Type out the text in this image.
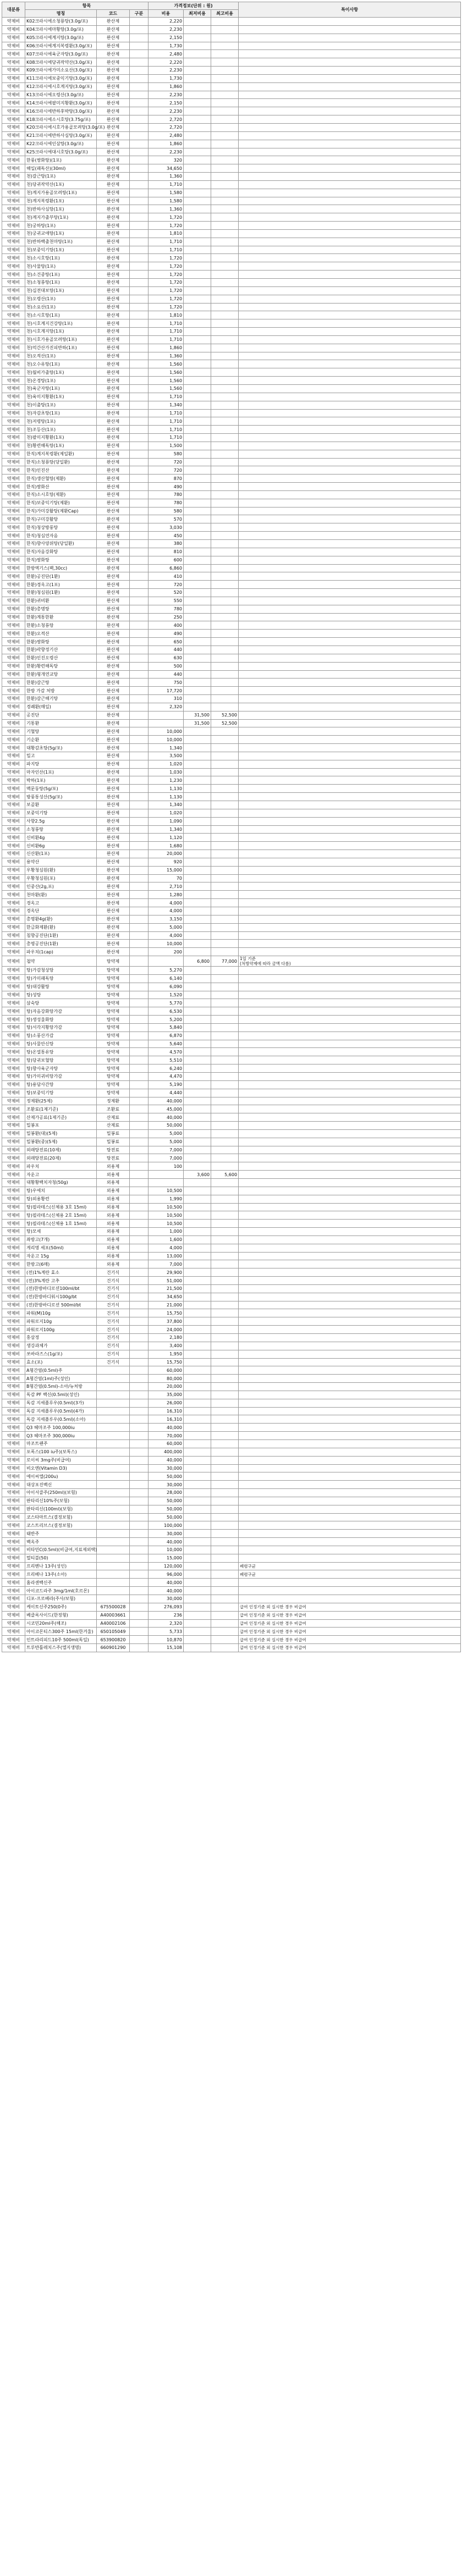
대분류	항목			가격정보(단위 : 원)			특이사항
	명칭	코드	구분	비용	최저비용	최고비용	
약제비	K02크라시에소청룡탕(3.0g/포)	완산제		2,220			
약제비	K04크라시에마황탕(3.0g/포)	완산제		2,230			
약제비	K05크라시에계지탕(3.0g/포)	완산제		2,150			
약제비	K06크라시에계지복령환(3.0g/포)	완산제		1,730			
약제비	K07크라시에육군자탕(3.0g/포)	완산제		2,480			
약제비	K08크라시에당귀작약산(3.0g/포)	완산제		2,220			
약제비	K09크라시에가미소요산(3.0g/포)	완산제		2,230			
약제비	K11크라시에보중익기탕(3.0g/포)	완산제		1,730			
약제비	K12크라시에시호계지탕(3.0g/포)	완산제		1,860			
약제비	K13크라시에오령산(3.0g/포)	완산제		2,230			
약제비	K14크라시에팔미지황환(3.0g/포)	완산제		2,150			
약제비	K16크라시에반하후박탕(3.0g/포)	완산제		2,230			
약제비	K18크라시에소시호탕(3.75g/포)	완산제		2,720			
약제비	K20크라시에시호가용골모려탕(3.0g/포)	완산제		2,720			
약제비	K21크라시에반하사심탕(3.0g/포)	완산제		2,480			
약제비	K22크라시에인삼탕(3.0g/포)	완산제		1,860			
약제비	K25크라시에대시호탕(3.0g/포)	완산제		2,230			
약제비	한풍(쌍화탕)(1포)	완산제		320			
약제비	해일(패독산)(30ml)	완산제		34,650			
약제비	천)갈근탕(1포)	완산제		1,360			
약제비	천)당귀작약산(1포)	완산제		1,710			
약제비	천)계지가용골모려탕(1포)	완산제		1,580			
약제비	천)계지복령환(1포)	완산제		1,580			
약제비	천)반하사심탕(1포)	완산제		1,360			
약제비	천)계지가출부탕(1포)	완산제		1,720			
약제비	천)궁하탕(1포)	완산제		1,720			
약제비	천)궁귀교애탕(1포)	완산제		1,810			
약제비	천)반하백출천마탕(1포)	완산제		1,710			
약제비	천)보중익기탕(1포)	완산제		1,710			
약제비	천)소시호탕(1포)	완산제		1,720			
약제비	천)사물탕(1포)	완산제		1,720			
약제비	천)소건중탕(1포)	완산제		1,720			
약제비	천)소청룡탕(1포)	완산제		1,720			
약제비	천)십전대보탕(1포)	완산제		1,720			
약제비	천)오령산(1포)	완산제		1,720			
약제비	천)소요산(1포)	완산제		1,720			
약제비	천)소시호탕(1포)	완산제		1,810			
약제비	천)시호계지건강탕(1포)	완산제		1,710			
약제비	천)시호계지탕(1포)	완산제		1,710			
약제비	천)시호가용골모려탕(1포)	완산제		1,710			
약제비	천)억간산가진피반하(1포)	완산제		1,860			
약제비	천)오적산(1포)	완산제		1,360			
약제비	천)오수유탕(1포)	완산제		1,560			
약제비	천)월비가출탕(1포)	완산제		1,560			
약제비	천)온경탕(1포)	완산제		1,560			
약제비	천)육군자탕(1포)	완산제		1,560			
약제비	천)육미지황환(1포)	완산제		1,710			
약제비	천)이출탕(1포)	완산제		1,340			
약제비	천)자감초탕(1포)	완산제		1,710			
약제비	천)저령탕(1포)	완산제		1,710			
약제비	천)조등산(1포)	완산제		1,710			
약제비	천)팔미지황환(1포)	완산제		1,710			
약제비	천)황련해독탕(1포)	완산제		1,500			
약제비	한직)계지복령환(제일환)	완산제		580			
약제비	한직)소청룡탕(당일환)	완산제		720			
약제비	한직)인진산	완산제		720			
약제비	한직)생산혈탕(제환)	완산제		870			
약제비	한직)쌍화산	완산제		490			
약제비	한직)소시호탕(제환)	완산제		780			
약제비	한직)보중익기탕(제환)	완산제		780			
약제비	한직)가미강활탕(제환Cap)	완산제		580			
약제비	한직)구미강활탕	완산제		570			
약제비	한직)청상방풍탕	완산제		3,030			
약제비	한직)청심연자음	완산제		450			
약제비	한직)향사양위탕(당일환)	완산제		380			
약제비	한직)자음강화탕	완산제		810			
약제비	한직)쌍화탕	완산제		600			
약제비	한방엑기스(팩,30cc)	완산제		6,860			
약제비	한환)공진단(1환)	완산제		410			
약제비	한환)경옥고(1포)	완산제		720			
약제비	한환)청심원(1환)	완산제		520			
약제비	한환)귀비환	완산제		550			
약제비	한환)총명탕	완산제		780			
약제비	한환)계통한환	완산제		250			
약제비	한환)소청룡탕	완산제		400			
약제비	한환)오적산	완산제		490			
약제비	한환)쌍화탕	완산제		650			
약제비	한환)곽향정기산	완산제		440			
약제비	한환)인진오령산	완산제		630			
약제비	한환)황련해독탕	완산제		500			
약제비	한환)형개연교탕	완산제		440			
약제비	한환)갈근탕	완산제		750			
약제비	한방 가감 처방	완산제		17,720			
약제비	한환)갈근해기탕	완산제		310			
약제비	경쾌환(매일)	완산제		2,320			
약제비	공진단	완산제			31,500	52,500	
약제비	기통환	완산제			31,500	52,500	
약제비	기혈탕	완산제		10,000			
약제비	기순환	완산제		10,000			
약제비	대황감초탕(5g/포)	완산제		1,340			
약제비	밀고	완산제		3,500			
약제비	파지탕	완산제		1,020			
약제비	마자인산(1포)	완산제		1,030			
약제비	박하(1포)	완산제		1,230			
약제비	맥문동탕(5g/포)	완산제		1,130			
약제비	방풍통성산(5g/포)	완산제		1,130			
약제비	보골환	완산제		1,340			
약제비	보중익기탕	완산제		1,020			
약제비	사향2.5g	완산제		1,090			
약제비	소청룡탕	완산제		1,340			
약제비	신비환4g	완산제		1,120			
약제비	신비환6g	완산제		1,680			
약제비	신산환(1포)	완산제		20,000			
약제비	용약산	완산제		920			
약제비	우황청심원(환)	완산제		15,000			
약제비	우황청심원(포)	완산제		70			
약제비	인중산(2g,포)	완산제		2,710			
약제비	천마환(환)	완산제		1,280			
약제비	경옥고	완산제		4,000			
약제비	경옥단	완산제		4,000			
약제비	총명환4g(환)	완산제		3,150			
약제비	한금화제환(환)	완산제		5,000			
약제비	침향공진단(1환)	완산제		4,000			
약제비	총명공진단(1환)	완산제		10,000			
약제비	파우치(1cap)	완산제		200			
약제비	첩약	탕약제			6,800	77,000	1일 기준
(처방약제에 따라 금액 다름)
약제비	탕)가감청상탕	탕약제		5,270			
약제비	탕)가미패독탕	탕약제		6,140			
약제비	탕)대강활탕	탕약제		6,090			
약제비	탕)성탕	탕약제		1,520			
약제비	삼숙탕	탕약제		5,770			
약제비	탕)자음강화탕가감	탕약제		6,530			
약제비	탕)생성울화탕	탕약제		5,200			
약제비	탕)서각지황탕가감	탕약제		5,840			
약제비	탕)소풍산가감	탕약제		6,870			
약제비	탕)사물안신탕	탕약제		5,640			
약제비	탕)온열통유탕	탕약제		4,570			
약제비	탕)당귀보혈탕	탕약제		5,510			
약제비	탕)향사육군자탕	탕약제		6,240			
약제비	탕)가미귀비탕가감	탕약제		4,470			
약제비	탕)용담사간탕	탕약제		5,190			
약제비	탕)보중익기탕	탕약제		4,440			
약제비	정제환(25제)	정제환		40,000			
약제비	조환료(1제기준)	조환료		45,000			
약제비	산제가공료(1제기준)	산제료		40,000			
약제비	밀봉포	산제료		50,000			
약제비	밀봉환(대)(5제)	밀봉료		5,000			
약제비	밀봉환(중)(5제)	밀봉료		5,000			
약제비	외래탕전료(10제)	탕전료		7,000			
약제비	외래탕전료(20제)	탕전료		7,000			
약제비	파우치	외용제		100			
약제비	자운고	외용제			3,600	5,600	
약제비	대황황백치자청(50g)	외용제					
약제비	탕)우에치	외용제		10,500			
약제비	탕)외용황련	외용제		1,990			
약제비	탕)필라테스(신체용 3호 15ml)	외용제		10,500			
약제비	탕)필라테스(신체용 2호 15ml)	외용제		10,500			
약제비	탕)필라테스(신체용 1호 15ml)	외용제		10,500			
약제비	탕)모세	외용제		1,000			
약제비	좌방고(7개)	외용제		1,600			
약제비	게리명 세포(50ml)	외용제		4,000			
약제비	자운고 15g	외용제		13,000			
약제비	한방고(6매)	외용제		7,000			
약제비	(전)1%계란 효소	건기식		29,900			
약제비	(전)3%계란 고추	건기식		51,000			
약제비	(전)한방바디로션100ml/bt	건기식		21,500			
약제비	(전)한방바디워시100g/bt	건기식		34,650			
약제비	(전)한방바디로션 500ml/bt	건기식		21,000			
약제비	파워(M)10g	건기식		15,750			
약제비	파워로지10g	건기식		37,800			
약제비	파워로지100g	건기식		24,000			
약제비	홍삼정	건기식		2,180			
약제비	생강과체가	건기식		3,400			
약제비	쏘바라즈스(1g/포)	건기식		1,950			
약제비	효소(포)	건기식		15,750			
약제비	A형간염(0.5ml)주			60,000			
약제비	A형간염(1ml)주(성인)			80,000			
약제비	B형간염(0.5ml)-소아/뉴처방			20,000			
약제비	독감 PF 백신(0.5ml)(성인)			35,000			
약제비	독감 지세플루우(0.5ml)(3가)			26,000			
약제비	독감 지세플루우(0.5ml)(4가)			16,310			
약제비	독감 지세플루우(0.5ml)(소아)			16,310			
약제비	Q3 헤마조주 100,000iu			40,000			
약제비	Q3 헤마조주 300,000iu			70,000			
약제비	마조트랜주			60,000			
약제비	포폭스(100 iu주)(보톡스)			400,000			
약제비	로이씨 3mg주(비급여)			40,000			
약제비	비오엔(Vitamin D3)			30,000			
약제비	에이씨엘(200u)			50,000			
약제비	대상포진백신			30,000			
약제비	아이서클주(250ml)(보험)			28,000			
약제비	판타리신10%주(보험)			50,000			
약제비	판타리신(100ml)(보험)			50,000			
약제비	코스타마트스(결정보험)			50,000			
약제비	코스트리브스(결정보험)			100,000			
약제비	태반주			30,000			
약제비	백옥주			40,000			
약제비	비타민C(0.5ml)(비급여,지료제외택)			10,000			
약제비	멀티블(50)			15,000			
약제비	프리벤나 13주(성인)			120,000			폐렴구균
약제비	프리베나 13주(소아)			96,000			폐렴구균
약제비	홈라센백신주			40,000			
약제비	아이코드라주 3mg/1ml(호르몬)			40,000			
약제비	디포-프로베라(주사/보험)			30,000			
약제비	케이토신주250(0주)	675500028		276,093			급여 인정기준 외 실시한 경우 비급여
약제비	베클록사이드(한정형)	A40003661		236			급여 인정기준 외 실시한 경우 비급여
약제비	시코민20ml주(해조)	A40002106		2,320			급여 인정기준 외 실시한 경우 비급여
약제비	아이코몬티스300주 15ml(한겨울)	650105049		5,733			급여 인정기준 외 실시한 경우 비급여
약제비	인트라리피드10주 500ml(독일)	653900820		10,870			급여 인정기준 외 실시한 경우 비급여
약제비	트루반틀레치스주(엘지생명)	660901290		15,108			급여 인정기준 외 실시한 경우 비급여
